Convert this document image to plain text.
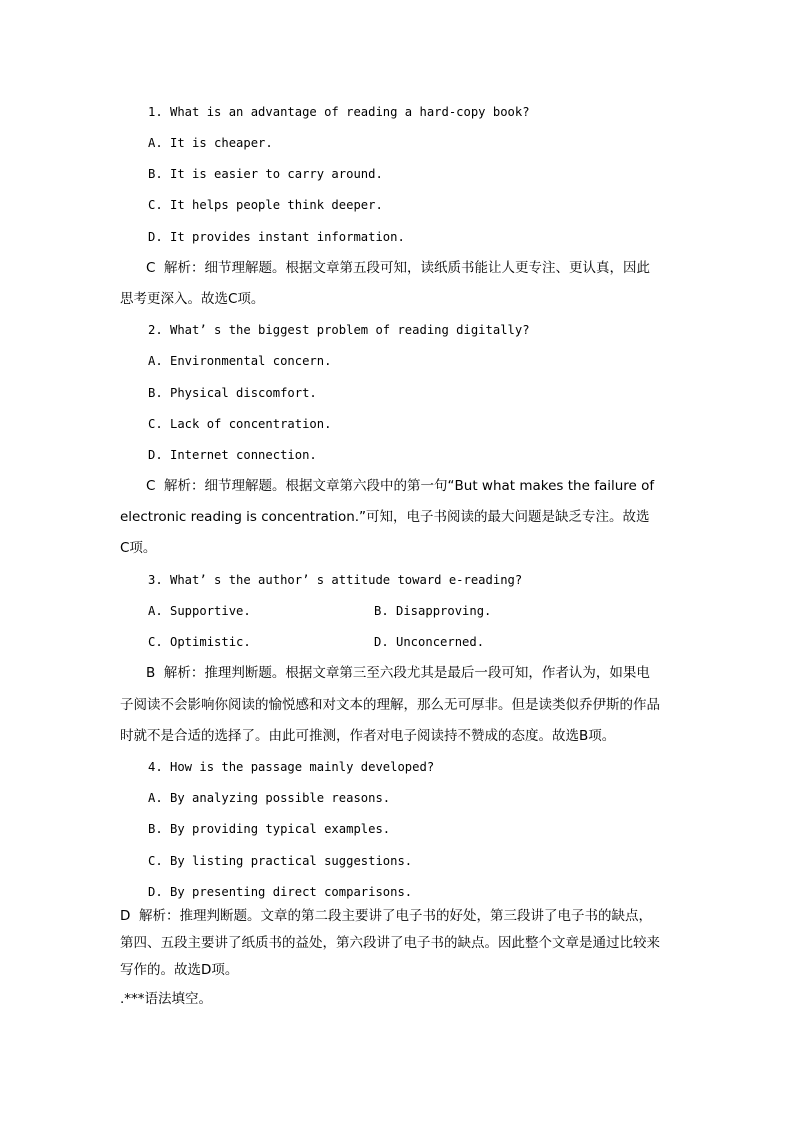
1. What is an advantage of reading a hard-copy book?
A. It is cheaper.
B. It is easier to carry around.
C. It helps people think deeper.
D. It provides instant information.
C  解析：细节理解题。根据文章第五段可知，读纸质书能让人更专注、更认真，因此
思考更深入。故选C项。
2. What’ s the biggest problem of reading digitally?
A. Environmental concern.
B. Physical discomfort.
C. Lack of concentration.
D. Internet connection.
C  解析：细节理解题。根据文章第六段中的第一句“But what makes the failure of
electronic reading is concentration.”可知，电子书阅读的最大问题是缺乏专注。故选
C项。
3. What’ s the author’ s attitude toward e-reading?
A. Supportive.	B. Disapproving.
C. Optimistic.	D. Unconcerned.
B  解析：推理判断题。根据文章第三至六段尤其是最后一段可知，作者认为，如果电
子阅读不会影响你阅读的愉悦感和对文本的理解，那么无可厚非。但是读类似乔伊斯的作品
时就不是合适的选择了。由此可推测，作者对电子阅读持不赞成的态度。故选B项。
4. How is the passage mainly developed?
A. By analyzing possible reasons.
B. By providing typical examples.
C. By listing practical suggestions.
D. By presenting direct comparisons.
D  解析：推理判断题。文章的第二段主要讲了电子书的好处，第三段讲了电子书的缺点，
第四、五段主要讲了纸质书的益处，第六段讲了电子书的缺点。因此整个文章是通过比较来
写作的。故选D项。
.***语法填空。
